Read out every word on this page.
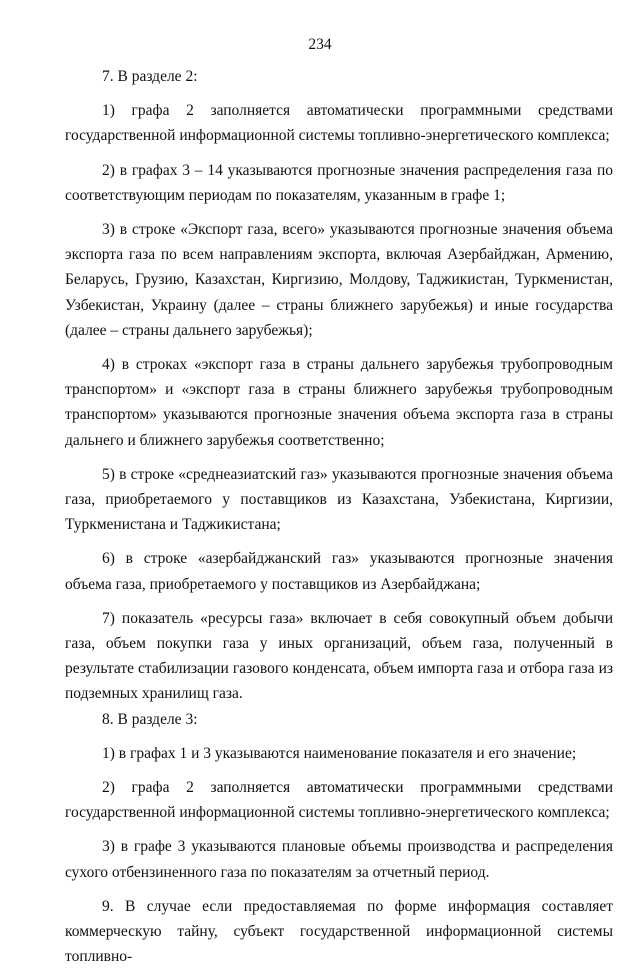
234

7. В разделе 2:

1) графа 2 заполняется автоматически программными средствами государственной информационной системы топливно-энергетического комплекса;

2) в графах 3 – 14 указываются прогнозные значения распределения газа по соответствующим периодам по показателям, указанным в графе 1;

3) в строке «Экспорт газа, всего» указываются прогнозные значения объема экспорта газа по всем направлениям экспорта, включая Азербайджан, Армению, Беларусь, Грузию, Казахстан, Киргизию, Молдову, Таджикистан, Туркменистан, Узбекистан, Украину (далее – страны ближнего зарубежья) и иные государства (далее – страны дальнего зарубежья);

4) в строках «экспорт газа в страны дальнего зарубежья трубопроводным транспортом» и «экспорт газа в страны ближнего зарубежья трубопроводным транспортом» указываются прогнозные значения объема экспорта газа в страны дальнего и ближнего зарубежья соответственно;

5) в строке «среднеазиатский газ» указываются прогнозные значения объема газа, приобретаемого у поставщиков из Казахстана, Узбекистана, Киргизии, Туркменистана и Таджикистана;

6) в строке «азербайджанский газ» указываются прогнозные значения объема газа, приобретаемого у поставщиков из Азербайджана;

7) показатель «ресурсы газа» включает в себя совокупный объем добычи газа, объем покупки газа у иных организаций, объем газа, полученный в результате стабилизации газового конденсата, объем импорта газа и отбора газа из подземных хранилищ газа.

8. В разделе 3:

1) в графах 1 и 3 указываются наименование показателя и его значение;

2) графа 2 заполняется автоматически программными средствами государственной информационной системы топливно-энергетического комплекса;

3) в графе 3 указываются плановые объемы производства и распределения сухого отбензиненного газа по показателям за отчетный период.

9. В случае если предоставляемая по форме информация составляет коммерческую тайну, субъект государственной информационной системы топливно-
